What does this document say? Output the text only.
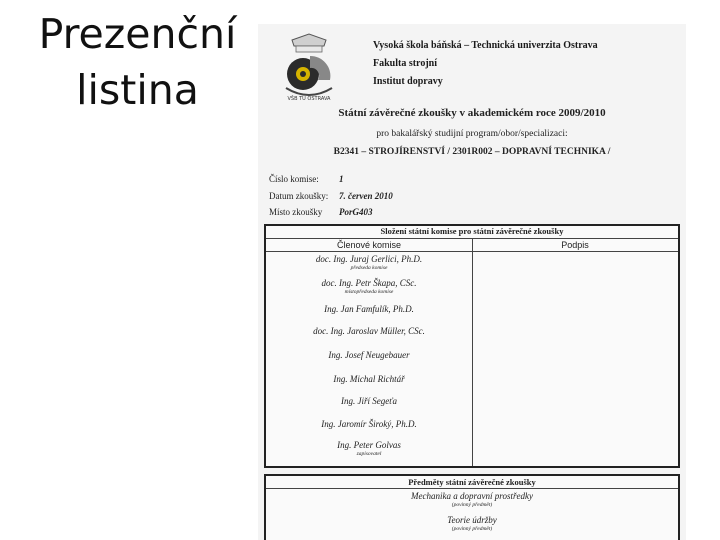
Prezenční
listina	VŠB TU OSTRAVA
Vysoká škola báňská – Technická univerzita Ostrava
Fakulta strojní
Institut dopravy
Státní závěrečné zkoušky v akademickém roce 2009/2010
pro bakalářský studijní program/obor/specializaci:
B2341 – STROJÍRENSTVÍ / 2301R002 – DOPRAVNÍ TECHNIKA /
Číslo komise: 1
Datum zkoušky: 7. červen 2010
Místo zkoušky PorG403
Složení státní komise pro státní závěrečné zkoušky
Členové komise	Podpis
doc. Ing. Juraj Gerlici, Ph.D.
předseda komise
doc. Ing. Petr Škapa, CSc.
místopředseda komise
Ing. Jan Famfulík, Ph.D.
doc. Ing. Jaroslav Müller, CSc.
Ing. Josef Neugebauer
Ing. Michal Richtář
Ing. Jiří Segeťa
Ing. Jaromír Široký, Ph.D.
Ing. Peter Golvas
zapisovatel
Předměty státní závěrečné zkoušky
Mechanika a dopravní prostředky
(povinný předmět)
Teorie údržby
(povinný předmět)
